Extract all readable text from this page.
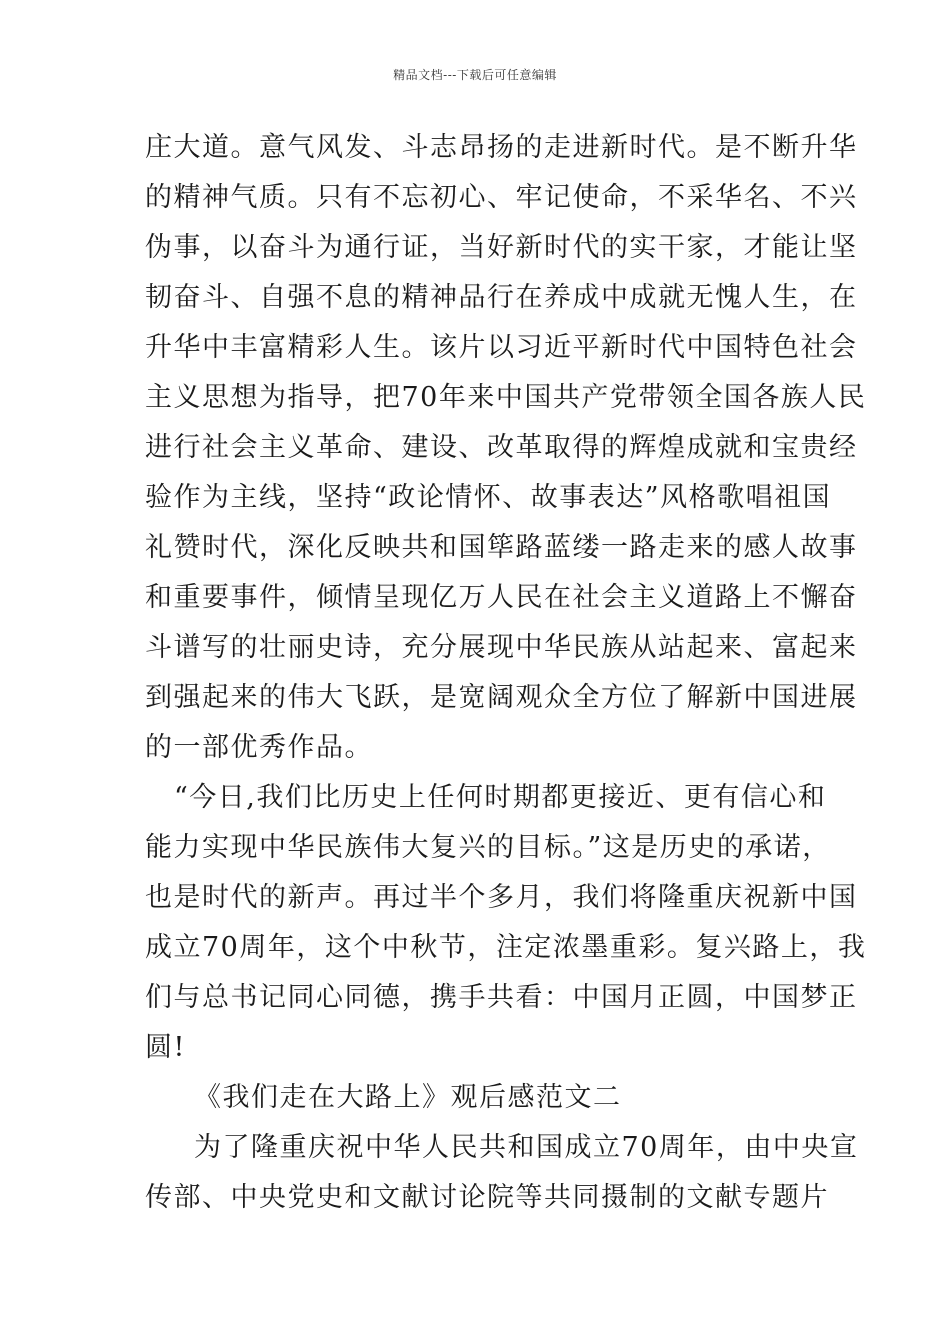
精品文档---下载后可任意编辑
庄大道。意气风发、斗志昂扬的走进新时代。是不断升华
的精神气质。只有不忘初心、牢记使命，不采华名、不兴
伪事，以奋斗为通行证，当好新时代的实干家，才能让坚
韧奋斗、自强不息的精神品行在养成中成就无愧人生，在
升华中丰富精彩人生。该片以习近平新时代中国特色社会
主义思想为指导，把70年来中国共产党带领全国各族人民
进行社会主义革命、建设、改革取得的辉煌成就和宝贵经
验作为主线，坚持“政论情怀、故事表达”风格歌唱祖国
礼赞时代，深化反映共和国筚路蓝缕一路走来的感人故事
和重要事件，倾情呈现亿万人民在社会主义道路上不懈奋
斗谱写的壮丽史诗，充分展现中华民族从站起来、富起来
到强起来的伟大飞跃，是宽阔观众全方位了解新中国进展
的一部优秀作品。
“今日,我们比历史上任何时期都更接近、更有信心和
能力实现中华民族伟大复兴的目标。”这是历史的承诺，
也是时代的新声。再过半个多月，我们将隆重庆祝新中国
成立70周年，这个中秋节，注定浓墨重彩。复兴路上，我
们与总书记同心同德，携手共看：中国月正圆，中国梦正
圆!
《我们走在大路上》观后感范文二
为了隆重庆祝中华人民共和国成立70周年，由中央宣
传部、中央党史和文献讨论院等共同摄制的文献专题片
